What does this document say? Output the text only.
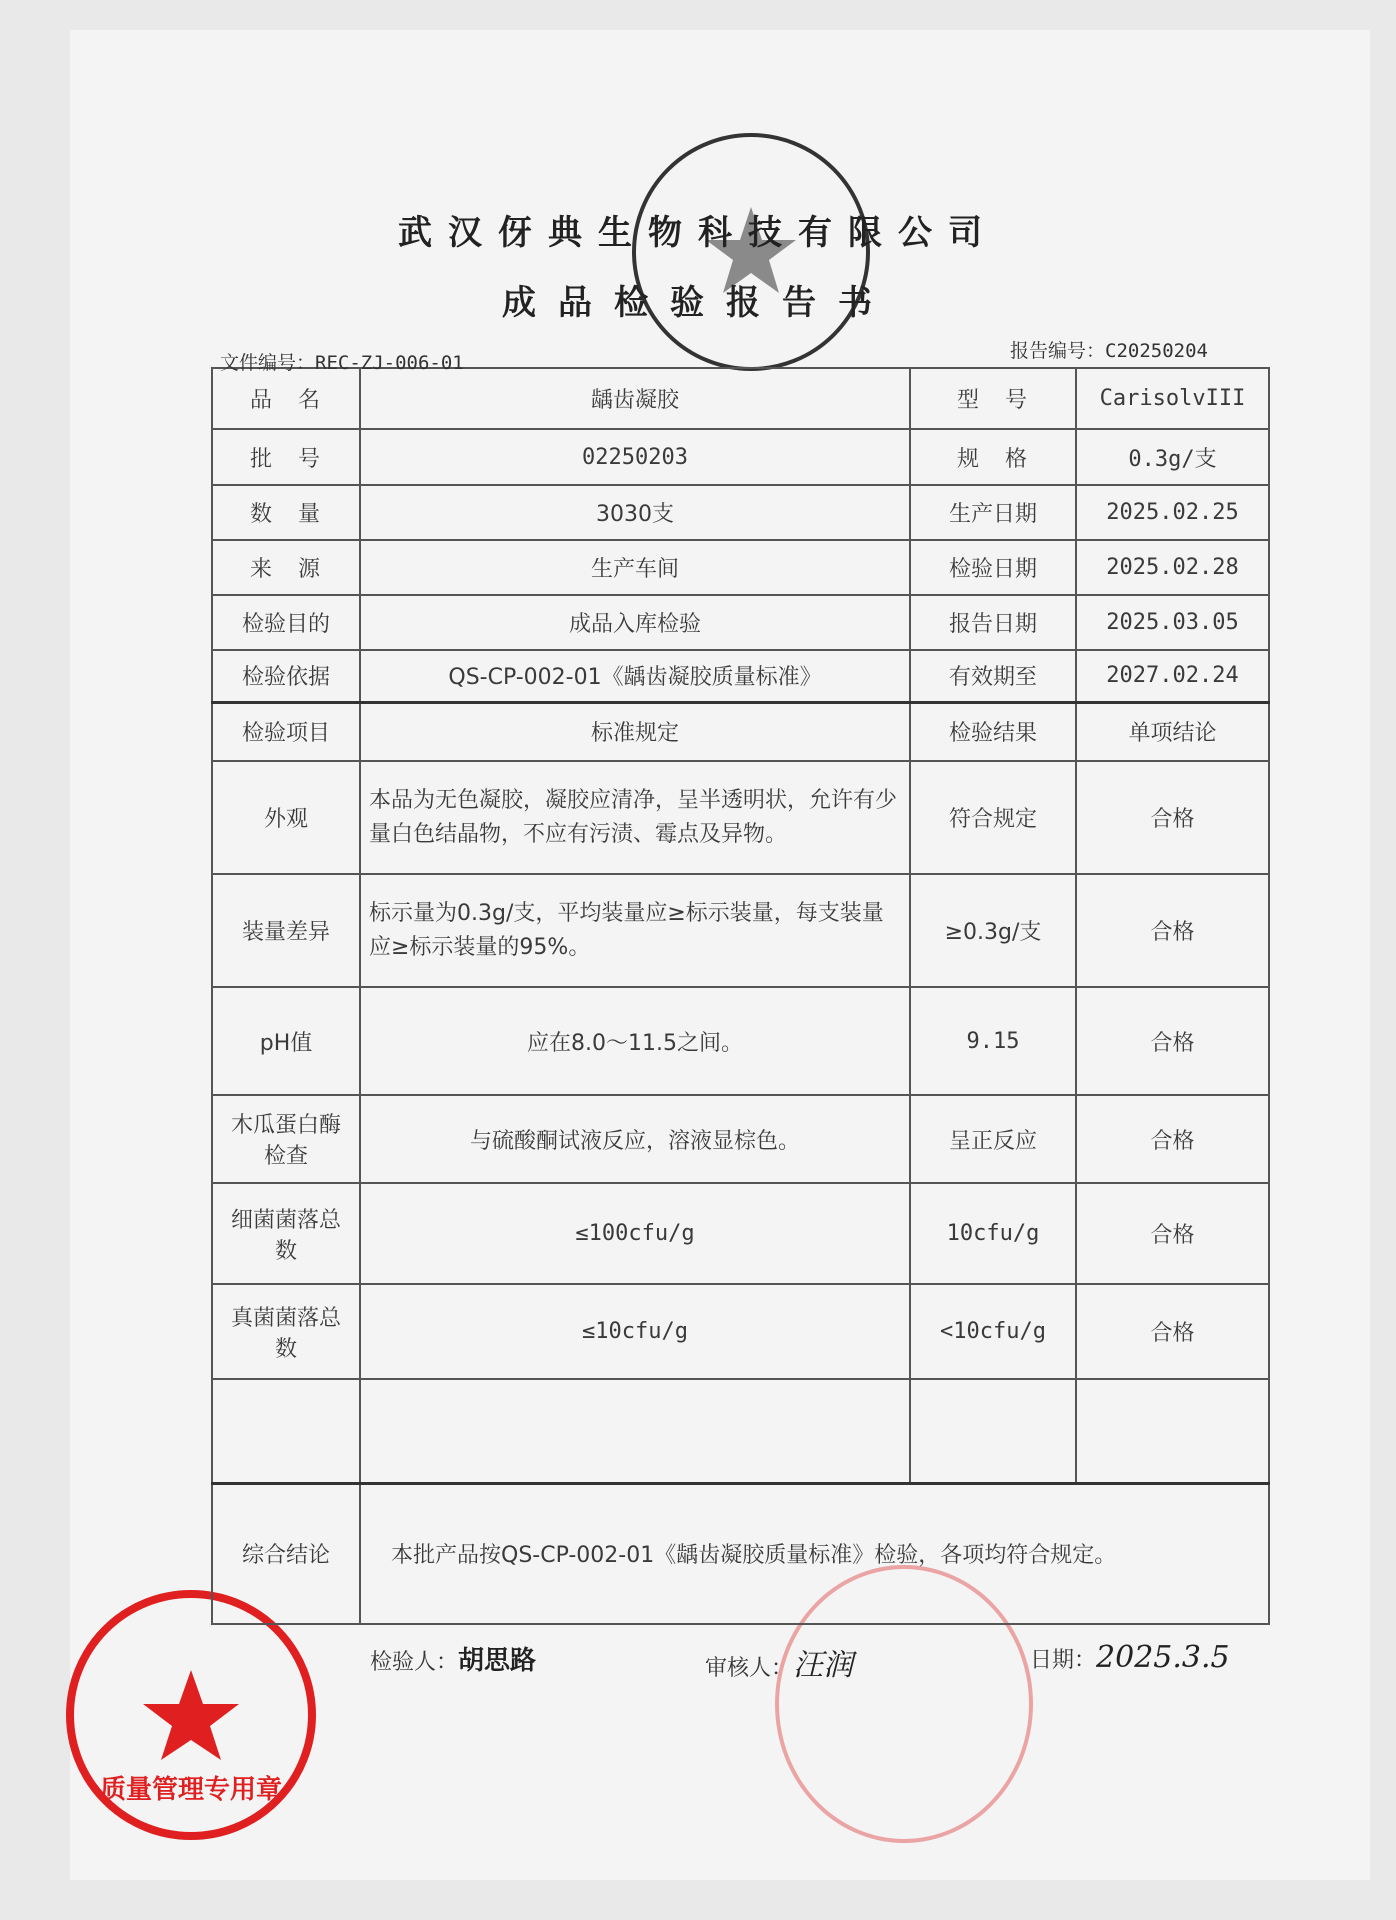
质量管理专用章
武汉伢典生物科技有限公司
成品检验报告书
文件编号：REC-ZJ-006-01
报告编号：C20250204
品　名	龋齿凝胶	型　号	CarisolvIII
批　号	02250203	规　格	0.3g/支
数　量	3030支	生产日期	2025.02.25
来　源	生产车间	检验日期	2025.02.28
检验目的	成品入库检验	报告日期	2025.03.05
检验依据	QS-CP-002-01《龋齿凝胶质量标准》	有效期至	2027.02.24
检验项目	标准规定	检验结果	单项结论
外观	本品为无色凝胶，凝胶应清净，呈半透明状，允许有少量白色结晶物，不应有污渍、霉点及异物。	符合规定	合格
装量差异	标示量为0.3g/支，平均装量应≥标示装量，每支装量应≥标示装量的95%。	≥0.3g/支	合格
pH值	应在8.0～11.5之间。	9.15	合格
木瓜蛋白酶检查	与硫酸酮试液反应，溶液显棕色。	呈正反应	合格
细菌菌落总数	≤100cfu/g	10cfu/g	合格
真菌菌落总数	≤10cfu/g	<10cfu/g	合格

综合结论	本批产品按QS-CP-002-01《龋齿凝胶质量标准》检验，各项均符合规定。		
检验人：胡思路	审核人：汪润	日期：2025.3.5
